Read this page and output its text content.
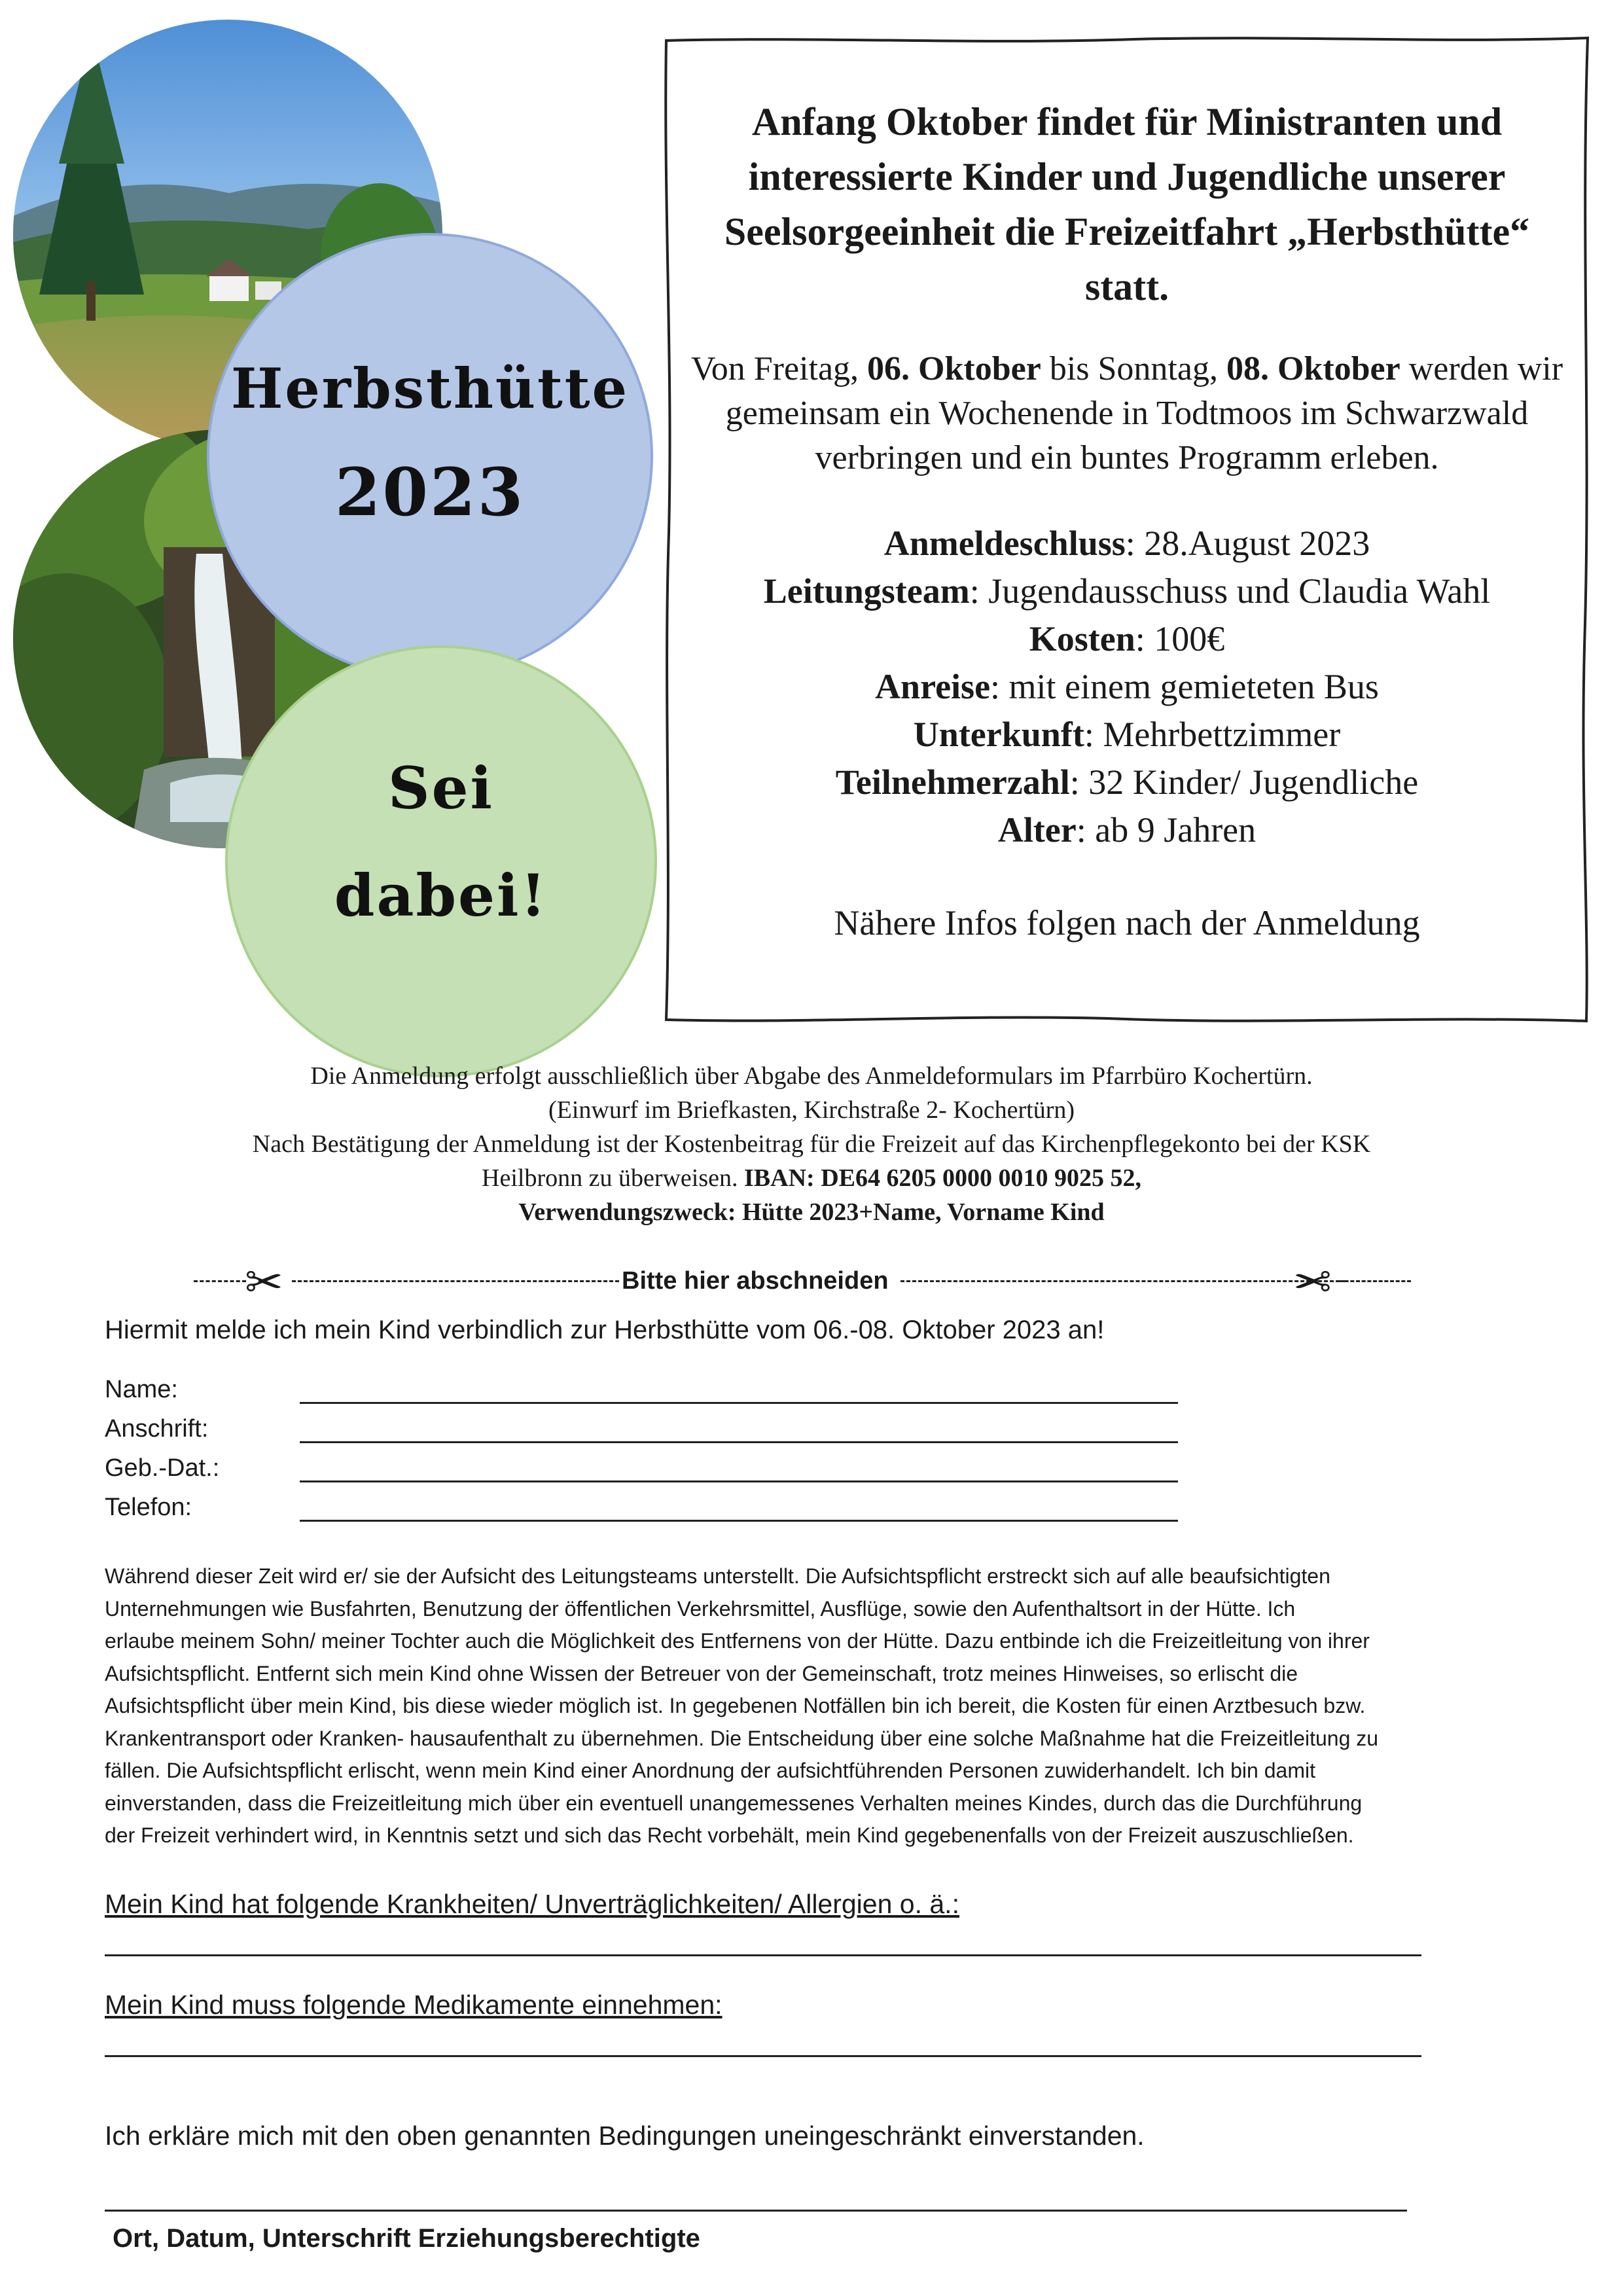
Herbsthütte
2023
Sei
dabei!
Anfang Oktober findet für Ministranten und interessierte Kinder und Jugendliche unserer Seelsorgeeinheit die Freizeitfahrt „Herbsthütte“ statt.
Von Freitag, 06. Oktober bis Sonntag, 08. Oktober werden wir gemeinsam ein Wochenende in Todtmoos im Schwarzwald verbringen und ein buntes Programm erleben.
Anmeldeschluss: 28.August 2023
Leitungsteam: Jugendausschuss und Claudia Wahl
Kosten: 100€
Anreise: mit einem gemieteten Bus
Unterkunft: Mehrbettzimmer
Teilnehmerzahl: 32 Kinder/ Jugendliche
Alter: ab 9 Jahren
Nähere Infos folgen nach der Anmeldung
Die Anmeldung erfolgt ausschließlich über Abgabe des Anmeldeformulars im Pfarrbüro Kochertürn.
(Einwurf im Briefkasten, Kirchstraße 2- Kochertürn)
Nach Bestätigung der Anmeldung ist der Kostenbeitrag für die Freizeit auf das Kirchenpflegekonto bei der KSK
Heilbronn zu überweisen. IBAN: DE64 6205 0000 0010 9025 52,
Verwendungszweck: Hütte 2023+Name, Vorname Kind
✂	Bitte hier abschneiden	✂
Hiermit melde ich mein Kind verbindlich zur Herbsthütte vom 06.-08. Oktober 2023 an!
Name:
Anschrift:
Geb.-Dat.:
Telefon:
Während dieser Zeit wird er/ sie der Aufsicht des Leitungsteams unterstellt. Die Aufsichtspflicht erstreckt sich auf alle beaufsichtigten
Unternehmungen wie Busfahrten, Benutzung der öffentlichen Verkehrsmittel, Ausflüge, sowie den Aufenthaltsort in der Hütte. Ich
erlaube meinem Sohn/ meiner Tochter auch die Möglichkeit des Entfernens von der Hütte. Dazu entbinde ich die Freizeitleitung von ihrer
Aufsichtspflicht. Entfernt sich mein Kind ohne Wissen der Betreuer von der Gemeinschaft, trotz meines Hinweises, so erlischt die
Aufsichtspflicht über mein Kind, bis diese wieder möglich ist. In gegebenen Notfällen bin ich bereit, die Kosten für einen Arztbesuch bzw.
Krankentransport oder Kranken- hausaufenthalt zu übernehmen. Die Entscheidung über eine solche Maßnahme hat die Freizeitleitung zu
fällen. Die Aufsichtspflicht erlischt, wenn mein Kind einer Anordnung der aufsichtführenden Personen zuwiderhandelt. Ich bin damit
einverstanden, dass die Freizeitleitung mich über ein eventuell unangemessenes Verhalten meines Kindes, durch das die Durchführung
der Freizeit verhindert wird, in Kenntnis setzt und sich das Recht vorbehält, mein Kind gegebenenfalls von der Freizeit auszuschließen.
Mein Kind hat folgende Krankheiten/ Unverträglichkeiten/ Allergien o. ä.:
Mein Kind muss folgende Medikamente einnehmen:
Ich erkläre mich mit den oben genannten Bedingungen uneingeschränkt einverstanden.
Ort, Datum, Unterschrift Erziehungsberechtigte
